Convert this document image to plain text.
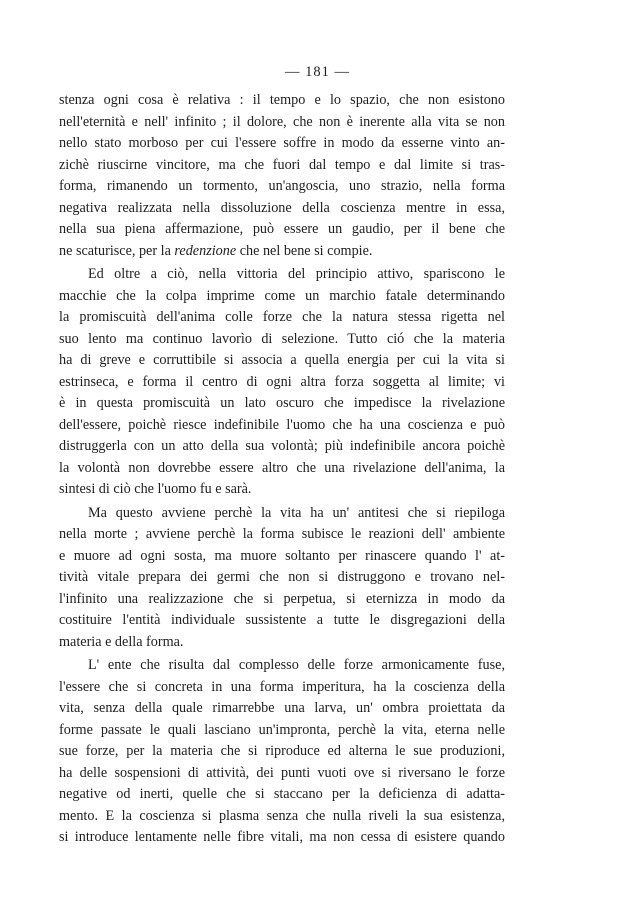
— 181 —
stenza ogni cosa è relativa : il tempo e lo spazio, che non esistono
nell'eternità e nell' infinito ; il dolore, che non è inerente alla vita se non
nello stato morboso per cui l'essere soffre in modo da esserne vinto an-
zichè riuscirne vincitore, ma che fuori dal tempo e dal limite si tras-
forma, rimanendo un tormento, un'angoscia, uno strazio, nella forma
negativa realizzata nella dissoluzione della coscienza mentre in essa,
nella sua piena affermazione, può essere un gaudio, per il bene che
ne scaturisce, per la redenzione che nel bene si compie.
Ed oltre a ciò, nella vittoria del principio attivo, spariscono le
macchie che la colpa imprime come un marchio fatale determinando
la promiscuità dell'anima colle forze che la natura stessa rigetta nel
suo lento ma continuo lavorìo di selezione. Tutto ció che la materia
ha di greve e corruttibile si associa a quella energia per cui la vita si
estrinseca, e forma il centro di ogni altra forza soggetta al limite; vi
è in questa promiscuità un lato oscuro che impedisce la rivelazione
dell'essere, poichè riesce indefinibile l'uomo che ha una coscienza e può
distruggerla con un atto della sua volontà; più indefinibile ancora poichè
la volontà non dovrebbe essere altro che una rivelazione dell'anima, la
sintesi di ciò che l'uomo fu e sarà.
Ma questo avviene perchè la vita ha un' antitesi che si riepiloga
nella morte ; avviene perchè la forma subisce le reazioni dell' ambiente
e muore ad ogni sosta, ma muore soltanto per rinascere quando l' at-
tività vitale prepara dei germi che non si distruggono e trovano nel-
l'infinito una realizzazione che si perpetua, si eternizza in modo da
costituire l'entità individuale sussistente a tutte le disgregazioni della
materia e della forma.
L' ente che risulta dal complesso delle forze armonicamente fuse,
l'essere che si concreta in una forma imperitura, ha la coscienza della
vita, senza della quale rimarrebbe una larva, un' ombra proiettata da
forme passate le quali lasciano un'impronta, perchè la vita, eterna nelle
sue forze, per la materia che si riproduce ed alterna le sue produzioni,
ha delle sospensioni di attività, dei punti vuoti ove si riversano le forze
negative od inerti, quelle che si staccano per la deficienza di adatta-
mento. E la coscienza si plasma senza che nulla riveli la sua esistenza,
si introduce lentamente nelle fibre vitali, ma non cessa di esistere quando
